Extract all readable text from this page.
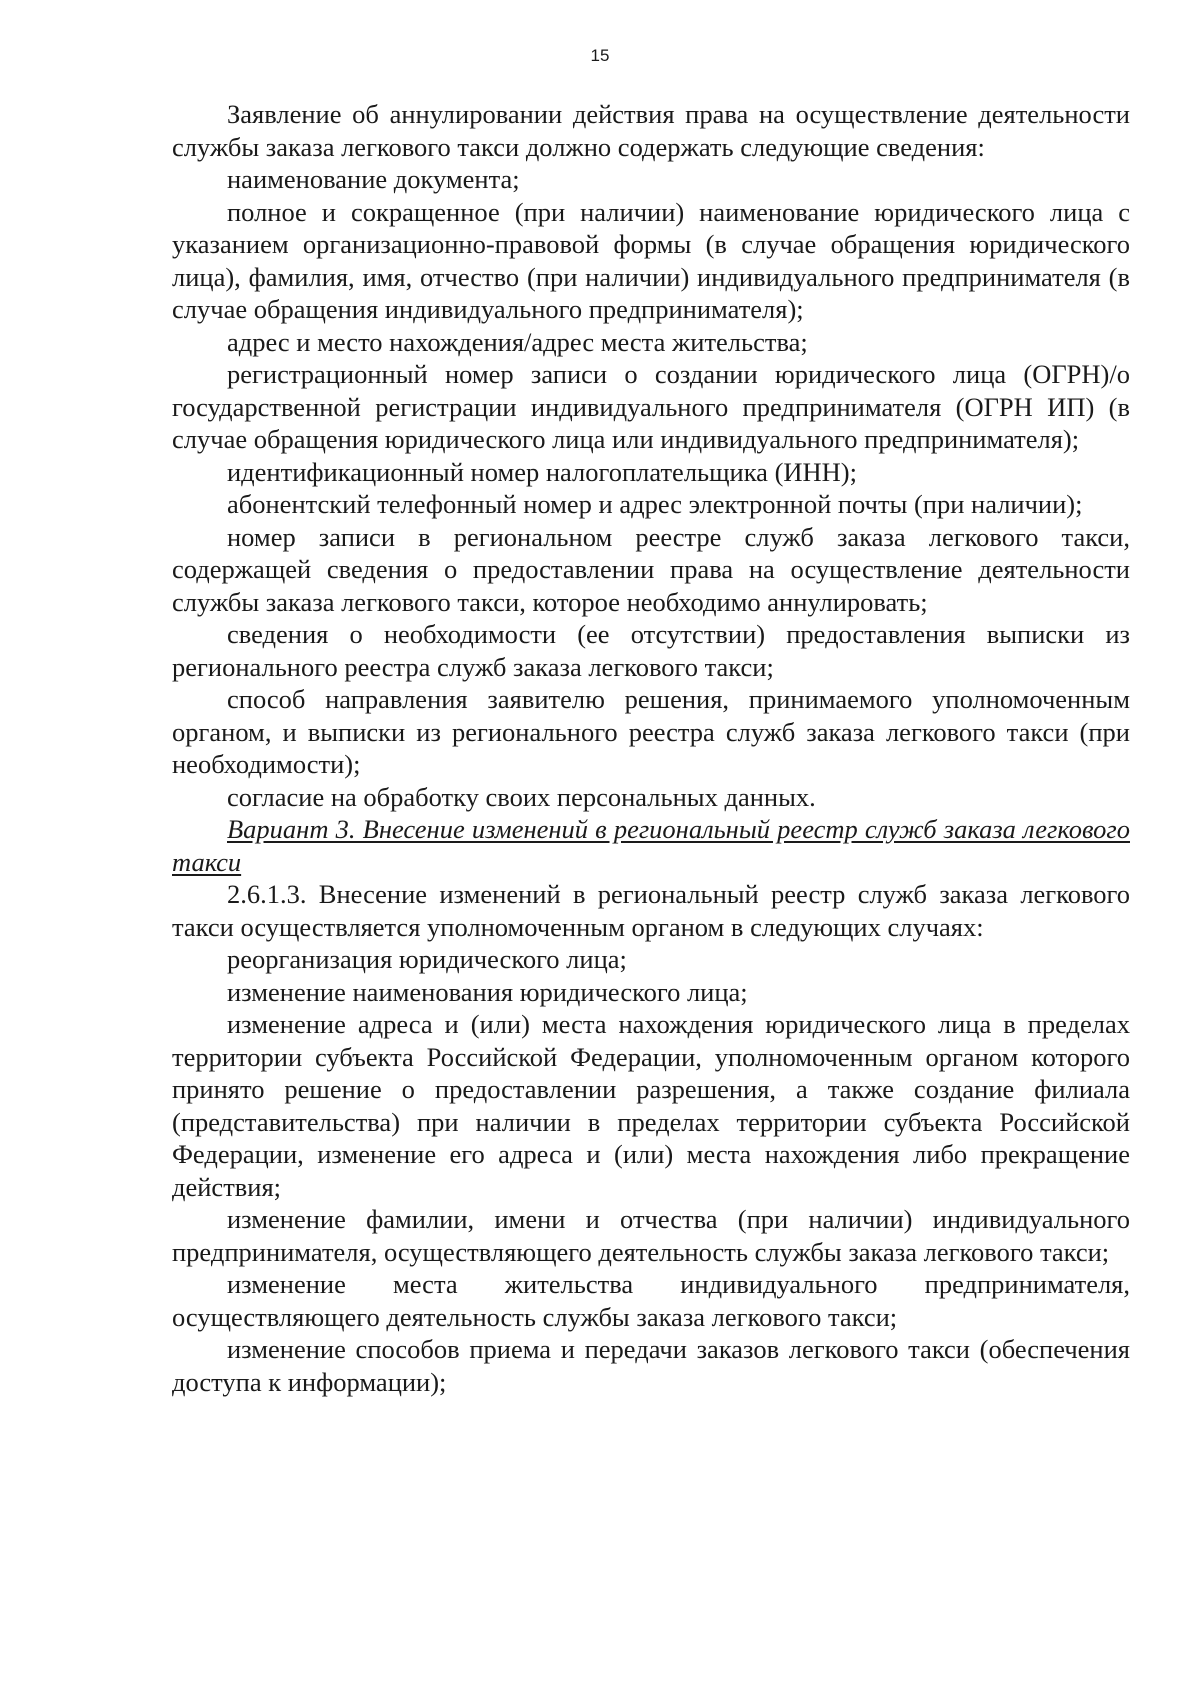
15

Заявление об аннулировании действия права на осуществление деятельности службы заказа легкового такси должно содержать следующие сведения:

наименование документа;

полное и сокращенное (при наличии) наименование юридического лица с указанием организационно-правовой формы (в случае обращения юридического лица), фамилия, имя, отчество (при наличии) индивидуального предпринимателя (в случае обращения индивидуального предпринимателя);

адрес и место нахождения/адрес места жительства;

регистрационный номер записи о создании юридического лица (ОГРН)/о государственной регистрации индивидуального предпринимателя (ОГРН ИП) (в случае обращения юридического лица или индивидуального предпринимателя);

идентификационный номер налогоплательщика (ИНН);

абонентский телефонный номер и адрес электронной почты (при наличии);

номер записи в региональном реестре служб заказа легкового такси, содержащей сведения о предоставлении права на осуществление деятельности службы заказа легкового такси, которое необходимо аннулировать;

сведения о необходимости (ее отсутствии) предоставления выписки из регионального реестра служб заказа легкового такси;

способ направления заявителю решения, принимаемого уполномоченным органом, и выписки из регионального реестра служб заказа легкового такси (при необходимости);

согласие на обработку своих персональных данных.

Вариант 3. Внесение изменений в региональный реестр служб заказа легкового такси

2.6.1.3. Внесение изменений в региональный реестр служб заказа легкового такси осуществляется уполномоченным органом в следующих случаях:

реорганизация юридического лица;

изменение наименования юридического лица;

изменение адреса и (или) места нахождения юридического лица в пределах территории субъекта Российской Федерации, уполномоченным органом которого принято решение о предоставлении разрешения, а также создание филиала (представительства) при наличии в пределах территории субъекта Российской Федерации, изменение его адреса и (или) места нахождения либо прекращение действия;

изменение фамилии, имени и отчества (при наличии) индивидуального предпринимателя, осуществляющего деятельность службы заказа легкового такси;

изменение места жительства индивидуального предпринимателя, осуществляющего деятельность службы заказа легкового такси;

изменение способов приема и передачи заказов легкового такси (обеспечения доступа к информации);
